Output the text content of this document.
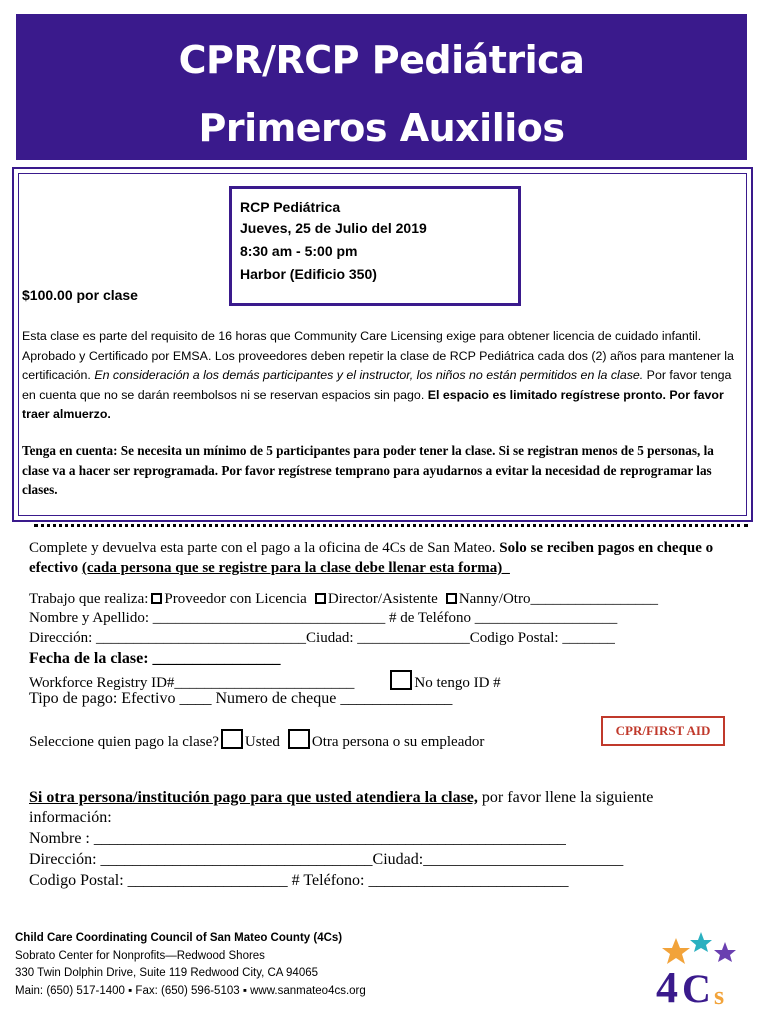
CPR/RCP Pediátrica
Primeros Auxilios
RCP Pediátrica
Jueves, 25 de Julio del 2019
8:30 am - 5:00 pm
Harbor (Edificio 350)
$100.00 por clase
Esta clase es parte del requisito de 16 horas que Community Care Licensing exige para obtener licencia de cuidado infantil. Aprobado y Certificado por EMSA. Los proveedores deben repetir la clase de RCP Pediátrica cada dos (2) años para mantener la certificación. En consideración a los demás participantes y el instructor, los niños no están permitidos en la clase. Por favor tenga en cuenta que no se darán reembolsos ni se reservan espacios sin pago. El espacio es limitado regístrese pronto. Por favor traer almuerzo.
Tenga en cuenta: Se necesita un mínimo de 5 participantes para poder tener la clase. Si se registran menos de 5 personas, la clase va a hacer ser reprogramada. Por favor regístrese temprano para ayudarnos a evitar la necesidad de reprogramar las clases.
Complete y devuelva esta parte con el pago a la oficina de 4Cs de San Mateo. Solo se reciben pagos en cheque o efectivo (cada persona que se registre para la clase debe llenar esta forma)_
Trabajo que realiza: Proveedor con Licencia Director/Asistente Nanny/Otro_________________
Nombre y Apellido: _______________________________ # de Teléfono ___________________
Dirección: ____________________________Ciudad: _______________Codigo Postal: _______
Fecha de la clase: ________________
Workforce Registry ID#________________________	No tengo ID #
Tipo de pago: Efectivo ____ Numero de cheque ______________
Seleccione quien pago la clase? Usted Otra persona o su empleador
CPR/FIRST AID
Si otra persona/institución pago para que usted atendiera la clase, por favor llene la siguiente
información:
Nombre : ___________________________________________________________
Dirección: __________________________________Ciudad:_________________________
Codigo Postal: ____________________ # Teléfono: _________________________
Child Care Coordinating Council of San Mateo County (4Cs)
Sobrato Center for Nonprofits—Redwood Shores
330 Twin Dolphin Drive, Suite 119 Redwood City, CA 94065
Main: (650) 517-1400 ▪ Fax: (650) 596-5103 ▪ www.sanmateo4cs.org	4 C s
